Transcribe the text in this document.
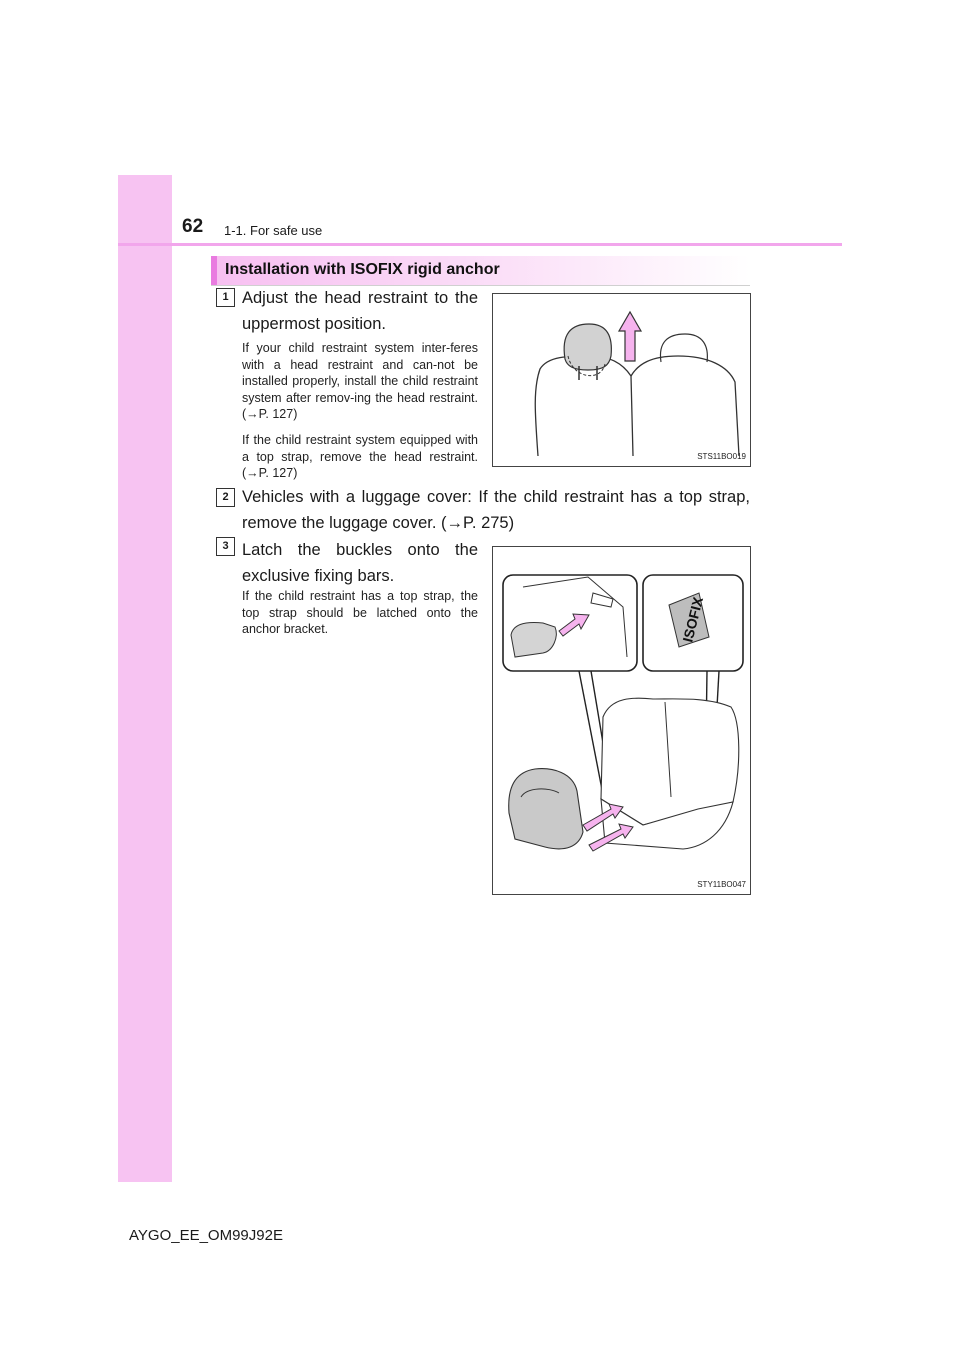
62 1-1. For safe use
Installation with ISOFIX rigid anchor
1 Adjust the head restraint to the uppermost position.
If your child restraint system inter-feres with a head restraint and can-not be installed properly, install the child restraint system after remov-ing the head restraint. (→P. 127)
If the child restraint system equipped with a top strap, remove the head restraint. (→P. 127)
STS11BO019
2 Vehicles with a luggage cover: If the child restraint has a top strap, remove the luggage cover. (→P. 275)
3 Latch the buckles onto the exclusive fixing bars.
If the child restraint has a top strap, the top strap should be latched onto the anchor bracket.	ISOFIX
STY11BO047
AYGO_EE_OM99J92E
